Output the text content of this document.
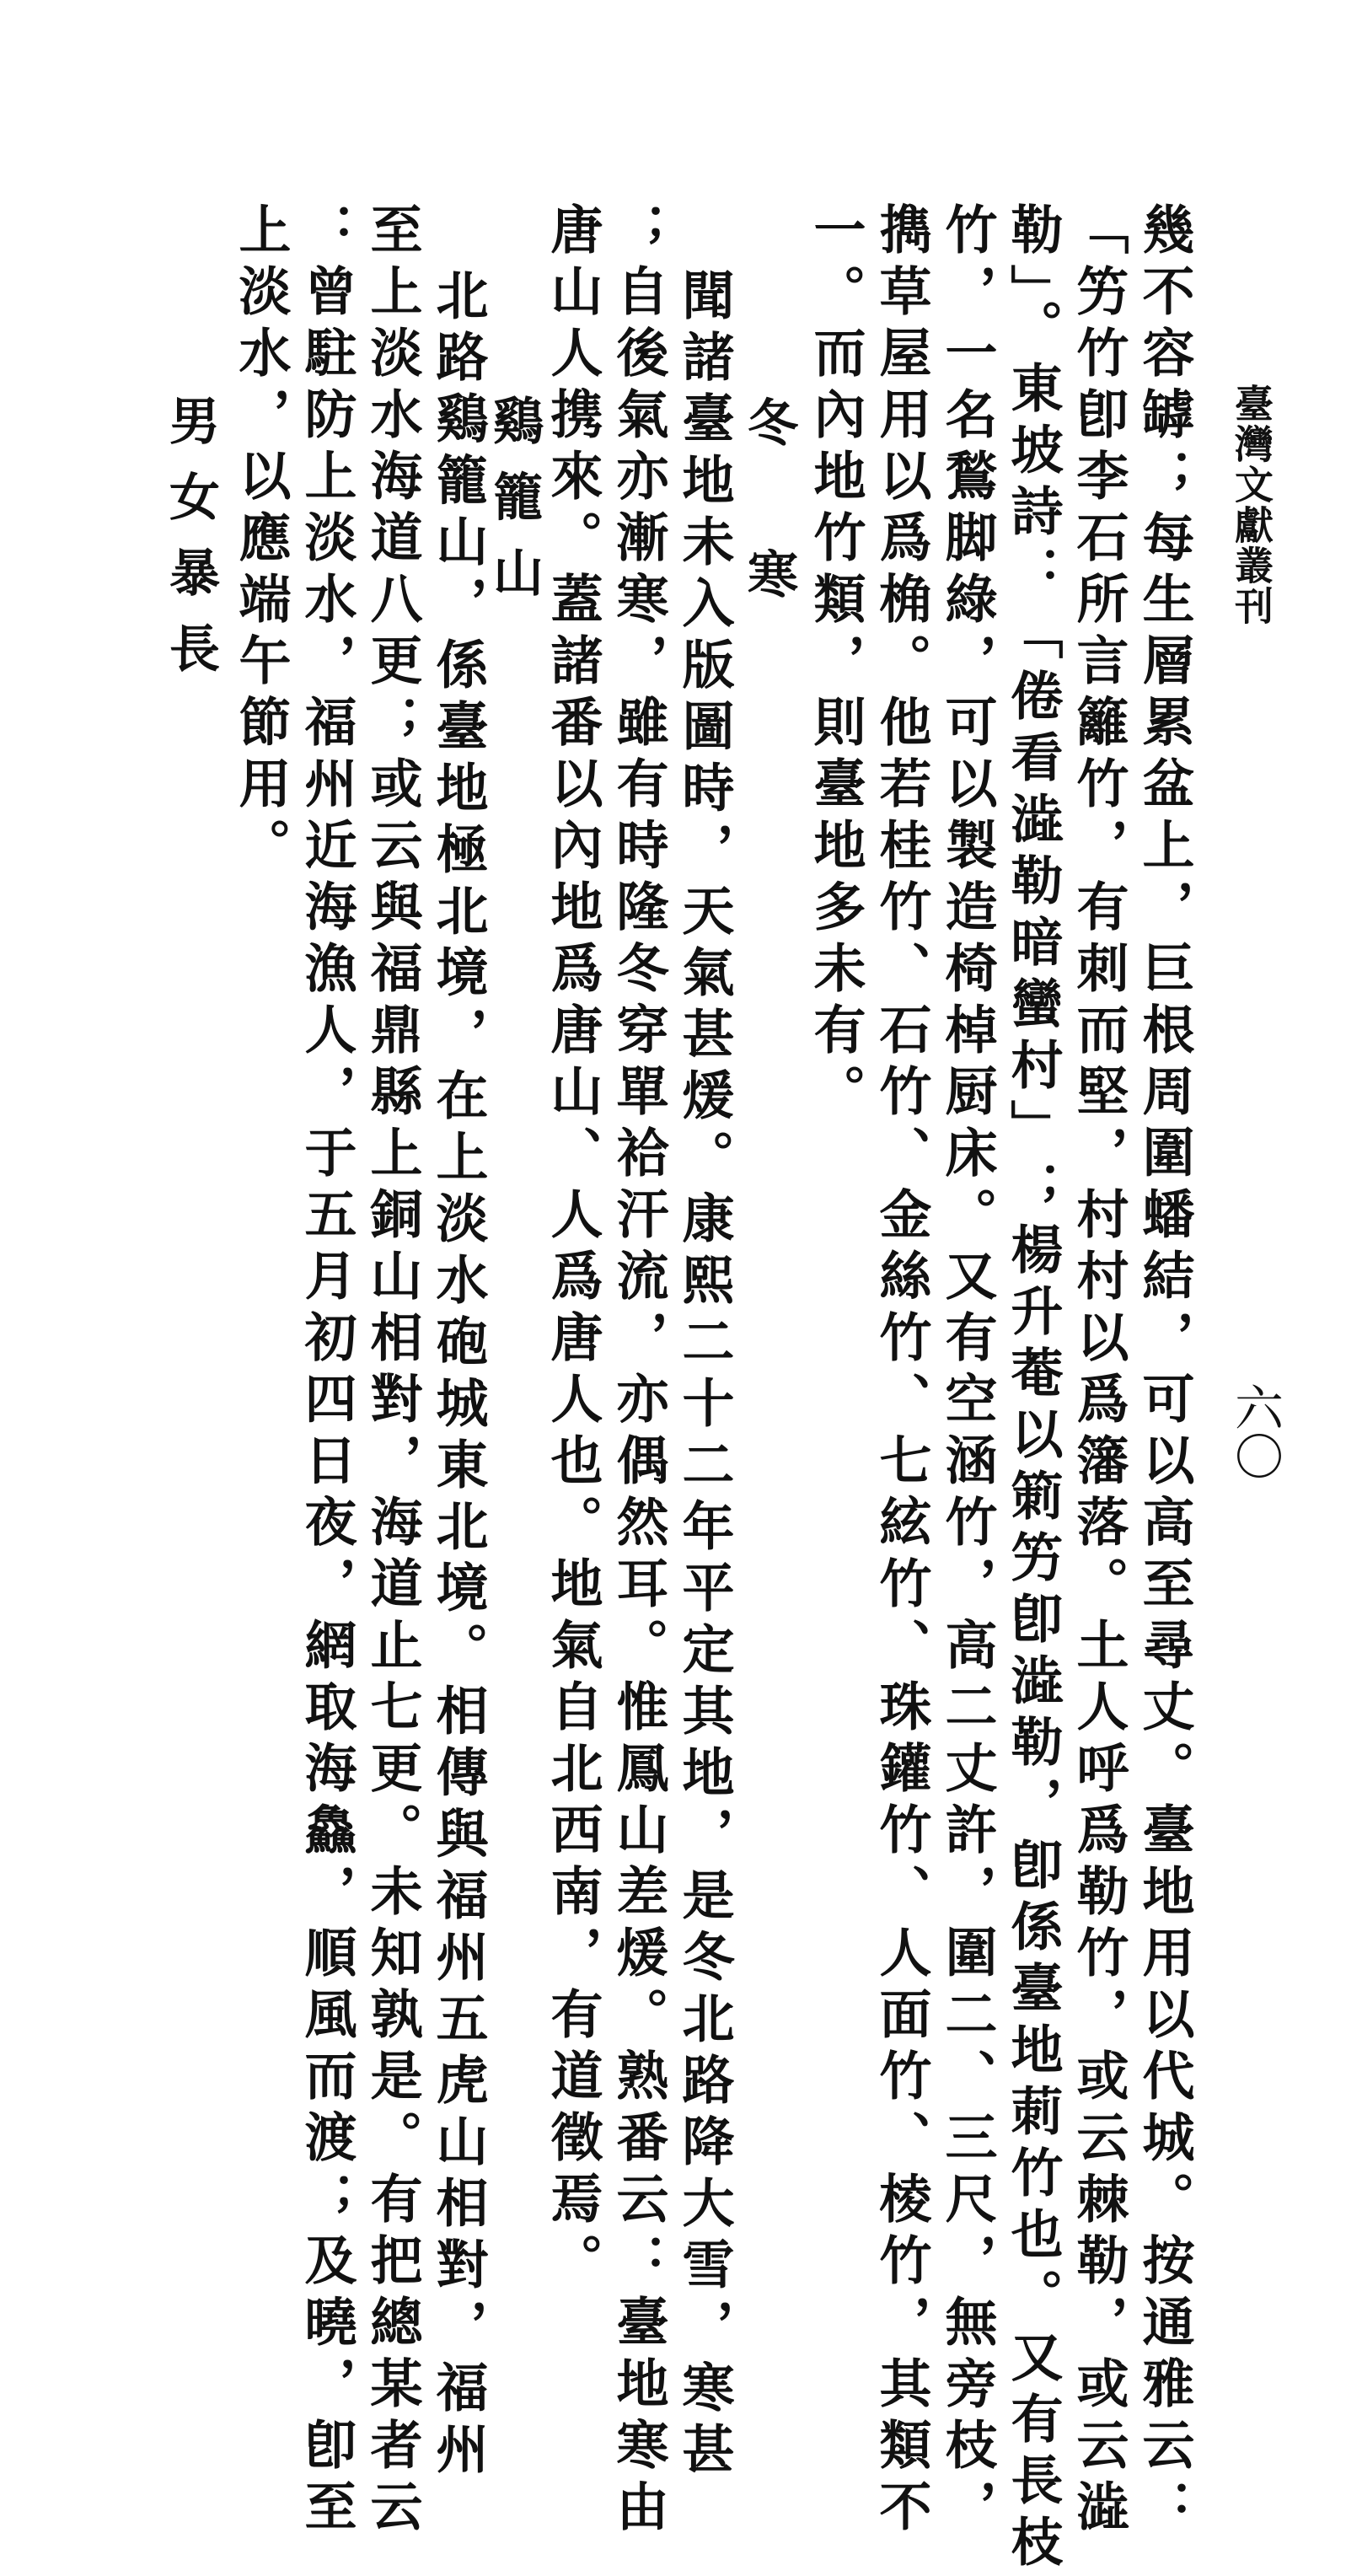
臺灣文獻叢刊
六〇
幾不容罅；每生層累盆上，巨根周圍蟠結，可以高至尋丈。臺地用以代城。按通雅云：
「竻竹卽李石所言籬竹，有刺而堅，村村以爲籓落。土人呼爲勒竹，或云棘勒，或云澁
勒」。東坡詩：「倦看澁勒暗蠻村」；楊升菴以箣竻卽澁勒，卽係臺地莿竹也。又有長枝
竹，一名鶖脚綠，可以製造椅棹厨床。又有空涵竹，高二丈許，圍二、三尺，無旁枝，
擕草屋用以爲桷。他若桂竹、石竹、金絲竹、七絃竹、珠鑵竹、人面竹、棱竹，其類不
一。而內地竹類，則臺地多未有。
冬寒
聞諸臺地未入版圖時，天氣甚煖。康熙二十二年平定其地，是冬北路降大雪，寒甚
；自後氣亦漸寒，雖有時隆冬穿單袷汗流，亦偶然耳。惟鳳山差煖。熟番云：臺地寒由
唐山人携來。蓋諸番以內地爲唐山、人爲唐人也。地氣自北西南，有道徵焉。
鷄籠山
北路鷄籠山，係臺地極北境，在上淡水砲城東北境。相傳與福州五虎山相對，福州
至上淡水海道八更；或云與福鼎縣上銅山相對，海道止七更。未知孰是。有把總某者云
：曾駐防上淡水，福州近海漁人，于五月初四日夜，網取海鱻，順風而渡；及曉，卽至
上淡水，以應端午節用。
男女暴長
